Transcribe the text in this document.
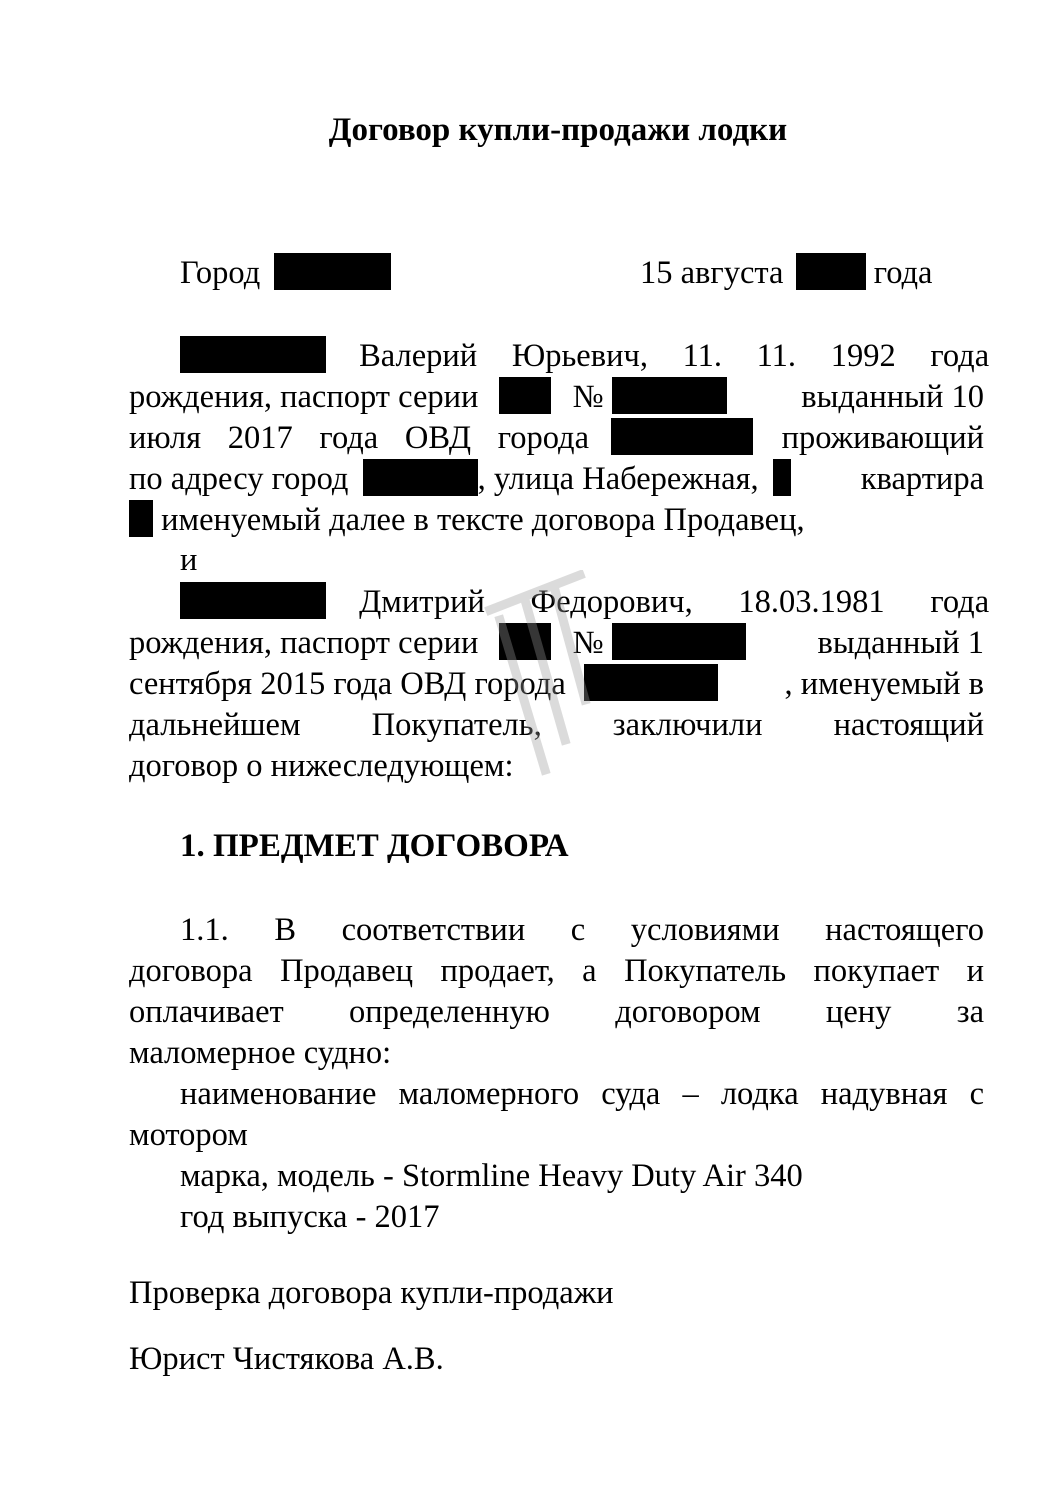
Договор купли-продажи лодки
Город	15 августа	года
Валерий Юрьевич, 11. 11. 1992 года
рождения, паспорт серии	№	выданный 10
июля 2017 года ОВД города	проживающий
по адресу город	, улица Набережная,	квартира
именуемый далее в тексте договора Продавец,
и
Дмитрий Федорович, 18.03.1981 года
рождения, паспорт серии	№	выданный 1
сентября 2015 года ОВД города	, именуемый в
дальнейшем Покупатель, заключили настоящий
договор о нижеследующем:
1. ПРЕДМЕТ ДОГОВОРА
1.1. В соответствии с условиями настоящего
договора Продавец продает, а Покупатель покупает и
оплачивает определенную договором цену за
маломерное судно:
наименование маломерного суда – лодка надувная с
мотором
марка, модель - Stormline Heavy Duty Air 340
год выпуска - 2017
Проверка договора купли-продажи
Юрист Чистякова А.В.
